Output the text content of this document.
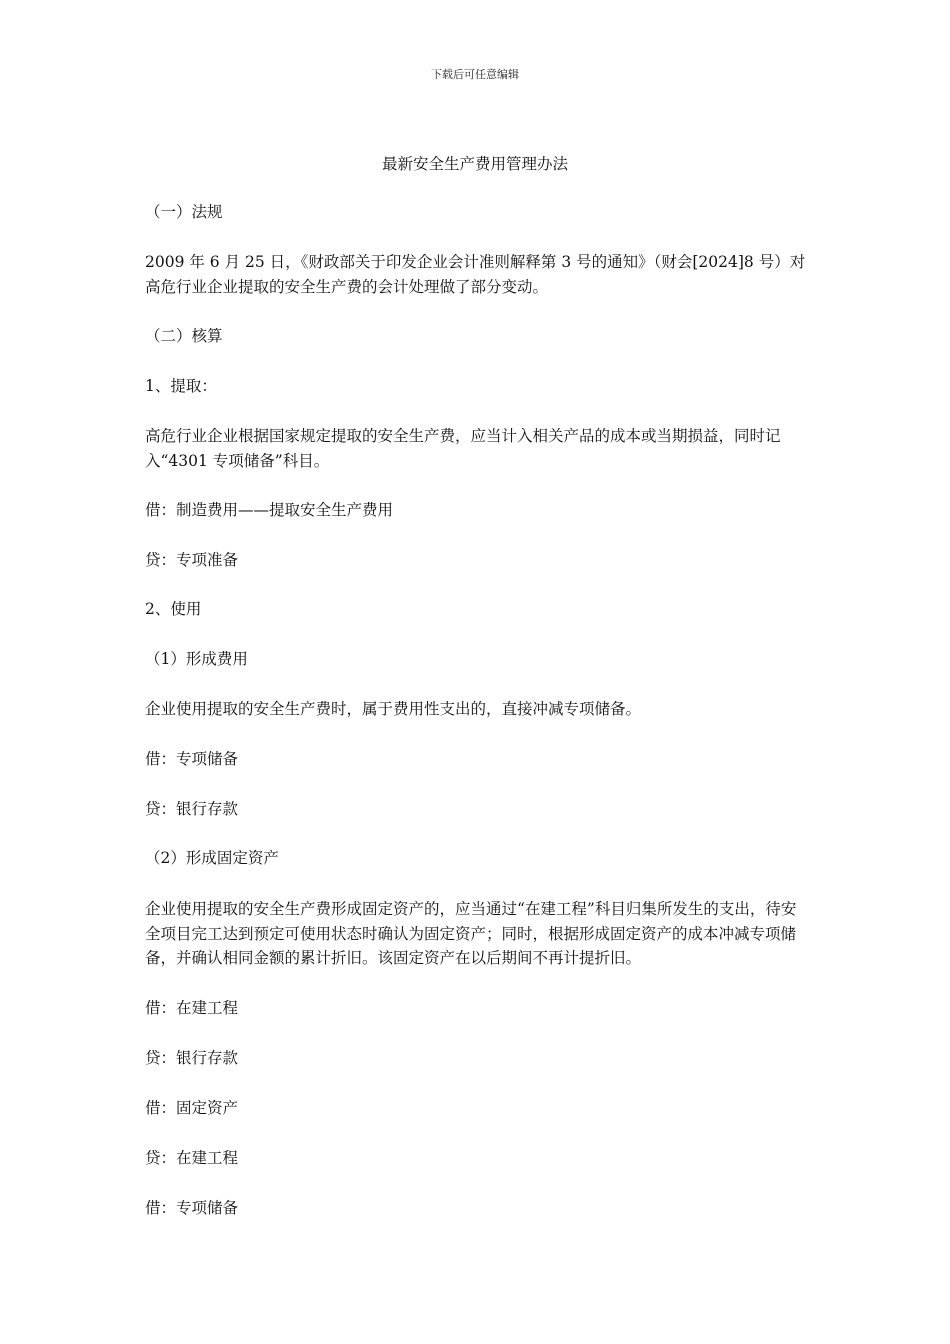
下载后可任意编辑
最新安全生产费用管理办法

（一）法规

2009 年 6 月 25 日，《财政部关于印发企业会计准则解释第 3 号的通知》（财会[2024]8 号）对高危行业企业提取的安全生产费的会计处理做了部分变动。

（二）核算

1、提取：

高危行业企业根据国家规定提取的安全生产费，应当计入相关产品的成本或当期损益，同时记入“4301 专项储备”科目。

借：制造费用——提取安全生产费用

贷：专项准备

2、使用

（1）形成费用

企业使用提取的安全生产费时，属于费用性支出的，直接冲减专项储备。

借：专项储备

贷：银行存款

（2）形成固定资产

企业使用提取的安全生产费形成固定资产的，应当通过“在建工程”科目归集所发生的支出，待安全项目完工达到预定可使用状态时确认为固定资产；同时，根据形成固定资产的成本冲减专项储备，并确认相同金额的累计折旧。该固定资产在以后期间不再计提折旧。

借：在建工程

贷：银行存款

借：固定资产

贷：在建工程

借：专项储备
